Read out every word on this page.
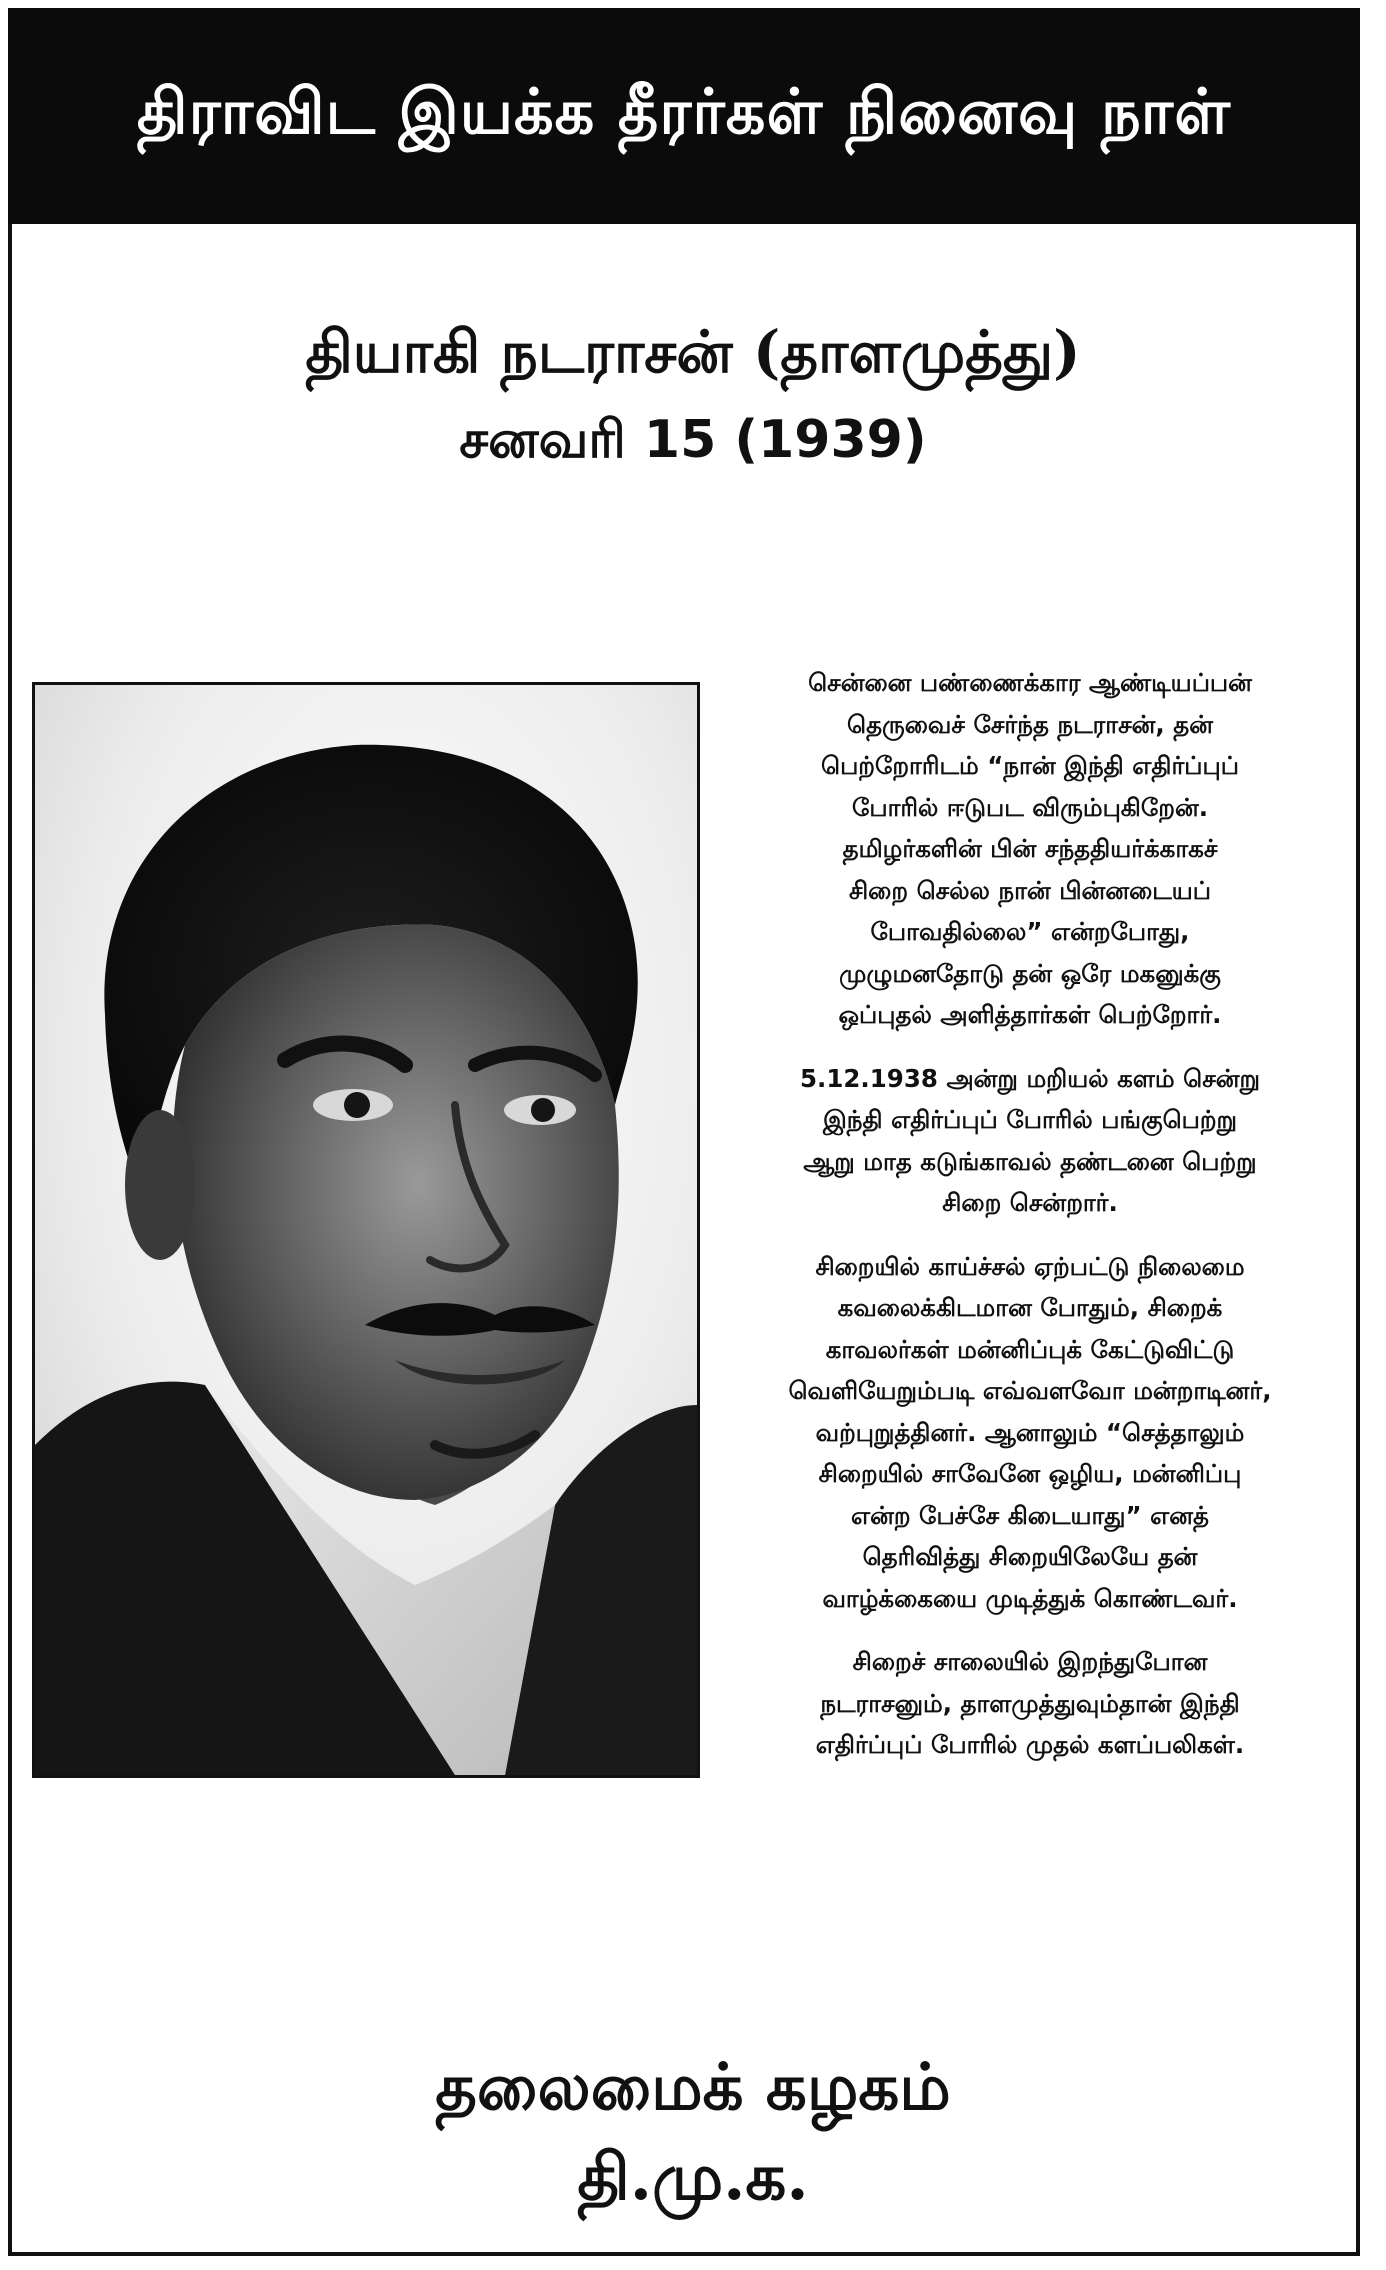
திராவிட இயக்க தீரர்கள் நினைவு நாள்
தியாகி நடராசன் (தாளமுத்து)
சனவரி 15 (1939)

சென்னை பண்ணைக்கார ஆண்டியப்பன்
தெருவைச் சேர்ந்த நடராசன், தன்
பெற்றோரிடம் “நான் இந்தி எதிர்ப்புப்
போரில் ஈடுபட விரும்புகிறேன்.
தமிழர்களின் பின் சந்ததியர்க்காகச்
சிறை செல்ல நான் பின்னடையப்
போவதில்லை” என்றபோது,
முழுமனதோடு தன் ஒரே மகனுக்கு
ஒப்புதல் அளித்தார்கள் பெற்றோர்.

5.12.1938 அன்று மறியல் களம் சென்று
இந்தி எதிர்ப்புப் போரில் பங்குபெற்று
ஆறு மாத கடுங்காவல் தண்டனை பெற்று
சிறை சென்றார்.

சிறையில் காய்ச்சல் ஏற்பட்டு நிலைமை
கவலைக்கிடமான போதும், சிறைக்
காவலர்கள் மன்னிப்புக் கேட்டுவிட்டு
வெளியேறும்படி எவ்வளவோ மன்றாடினர்,
வற்புறுத்தினர். ஆனாலும் “செத்தாலும்
சிறையில் சாவேனே ஒழிய, மன்னிப்பு
என்ற பேச்சே கிடையாது” எனத்
தெரிவித்து சிறையிலேயே தன்
வாழ்க்கையை முடித்துக் கொண்டவர்.

சிறைச் சாலையில் இறந்துபோன
நடராசனும், தாளமுத்துவும்தான் இந்தி
எதிர்ப்புப் போரில் முதல் களப்பலிகள்.

தலைமைக் கழகம்
தி.மு.க.
